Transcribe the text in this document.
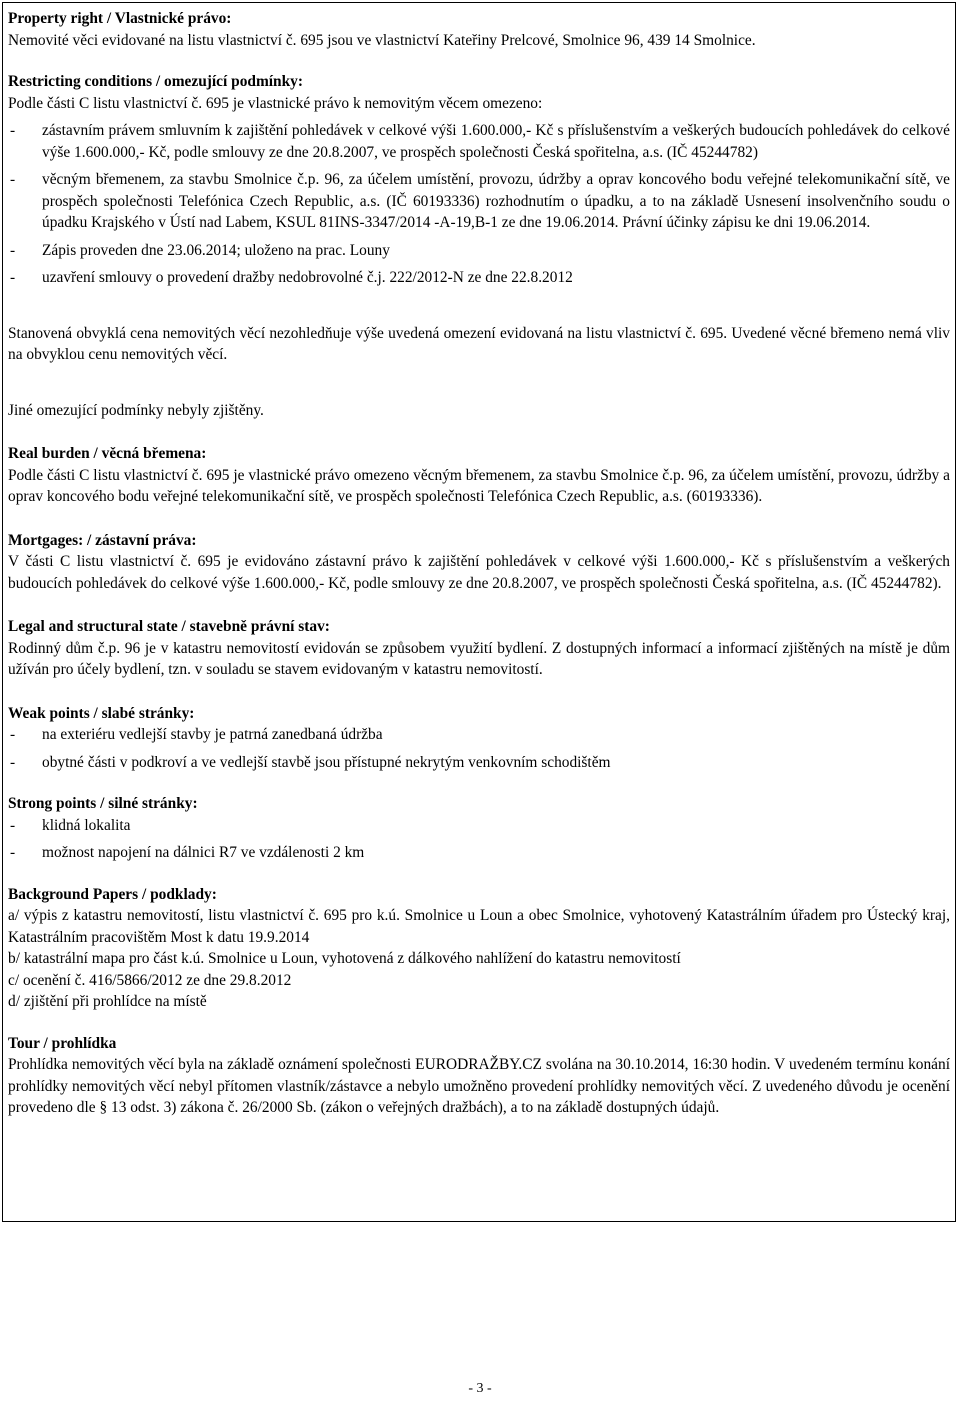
Property right / Vlastnické právo:
Nemovité věci evidované na listu vlastnictví č. 695 jsou ve vlastnictví Kateřiny Prelcové, Smolnice 96, 439 14 Smolnice.
Restricting conditions / omezující podmínky:
Podle části C listu vlastnictví č. 695 je vlastnické právo k nemovitým věcem omezeno:
-	zástavním právem smluvním k zajištění pohledávek v celkové výši 1.600.000,- Kč s příslušenstvím a veškerých budoucích pohledávek do celkové výše 1.600.000,- Kč, podle smlouvy ze dne 20.8.2007, ve prospěch společnosti Česká spořitelna, a.s. (IČ 45244782)
-	věcným břemenem, za stavbu Smolnice č.p. 96, za účelem umístění, provozu, údržby a oprav koncového bodu veřejné telekomunikační sítě, ve prospěch společnosti Telefónica Czech Republic, a.s. (IČ 60193336) rozhodnutím o úpadku, a to na základě Usnesení insolvenčního soudu o úpadku Krajského v Ústí nad Labem, KSUL 81INS-3347/2014 -A-19,B-1 ze dne 19.06.2014. Právní účinky zápisu ke dni 19.06.2014.
-	Zápis proveden dne 23.06.2014; uloženo na prac. Louny
-	uzavření smlouvy o provedení dražby nedobrovolné č.j. 222/2012-N ze dne 22.8.2012
Stanovená obvyklá cena nemovitých věcí nezohledňuje výše uvedená omezení evidovaná na listu vlastnictví č. 695. Uvedené věcné břemeno nemá vliv na obvyklou cenu nemovitých věcí.
Jiné omezující podmínky nebyly zjištěny.
Real burden / věcná břemena:
Podle části C listu vlastnictví č. 695 je vlastnické právo omezeno věcným břemenem, za stavbu Smolnice č.p. 96, za účelem umístění, provozu, údržby a oprav koncového bodu veřejné telekomunikační sítě, ve prospěch společnosti Telefónica Czech Republic, a.s. (60193336).
Mortgages: / zástavní práva:
V části C listu vlastnictví č. 695 je evidováno zástavní právo k zajištění pohledávek v celkové výši 1.600.000,- Kč s příslušenstvím a veškerých budoucích pohledávek do celkové výše 1.600.000,- Kč, podle smlouvy ze dne 20.8.2007, ve prospěch společnosti Česká spořitelna, a.s. (IČ 45244782).
Legal and structural state / stavebně právní stav:
Rodinný dům č.p. 96 je v katastru nemovitostí evidován se způsobem využití bydlení. Z dostupných informací a informací zjištěných na místě je dům užíván pro účely bydlení, tzn. v souladu se stavem evidovaným v katastru nemovitostí.
Weak points / slabé stránky:
-	na exteriéru vedlejší stavby je patrná zanedbaná údržba
-	obytné části v podkroví a ve vedlejší stavbě jsou přístupné nekrytým venkovním schodištěm
Strong points / silné stránky:
-	klidná lokalita
-	možnost napojení na dálnici R7 ve vzdálenosti 2 km
Background Papers / podklady:
a/ výpis z katastru nemovitostí, listu vlastnictví č. 695 pro k.ú. Smolnice u Loun a obec Smolnice, vyhotovený Katastrálním úřadem pro Ústecký kraj, Katastrálním pracovištěm Most k datu 19.9.2014
b/ katastrální mapa pro část k.ú. Smolnice u Loun, vyhotovená z dálkového nahlížení do katastru nemovitostí
c/ ocenění č. 416/5866/2012 ze dne 29.8.2012
d/ zjištění při prohlídce na místě
Tour / prohlídka
Prohlídka nemovitých věcí byla na základě oznámení společnosti EURODRAŽBY.CZ svolána na 30.10.2014, 16:30 hodin. V uvedeném termínu konání prohlídky nemovitých věcí nebyl přítomen vlastník/zástavce a nebylo umožněno provedení prohlídky nemovitých věcí. Z uvedeného důvodu je ocenění provedeno dle § 13 odst. 3) zákona č. 26/2000 Sb. (zákon o veřejných dražbách), a to na základě dostupných údajů.
- 3 -
